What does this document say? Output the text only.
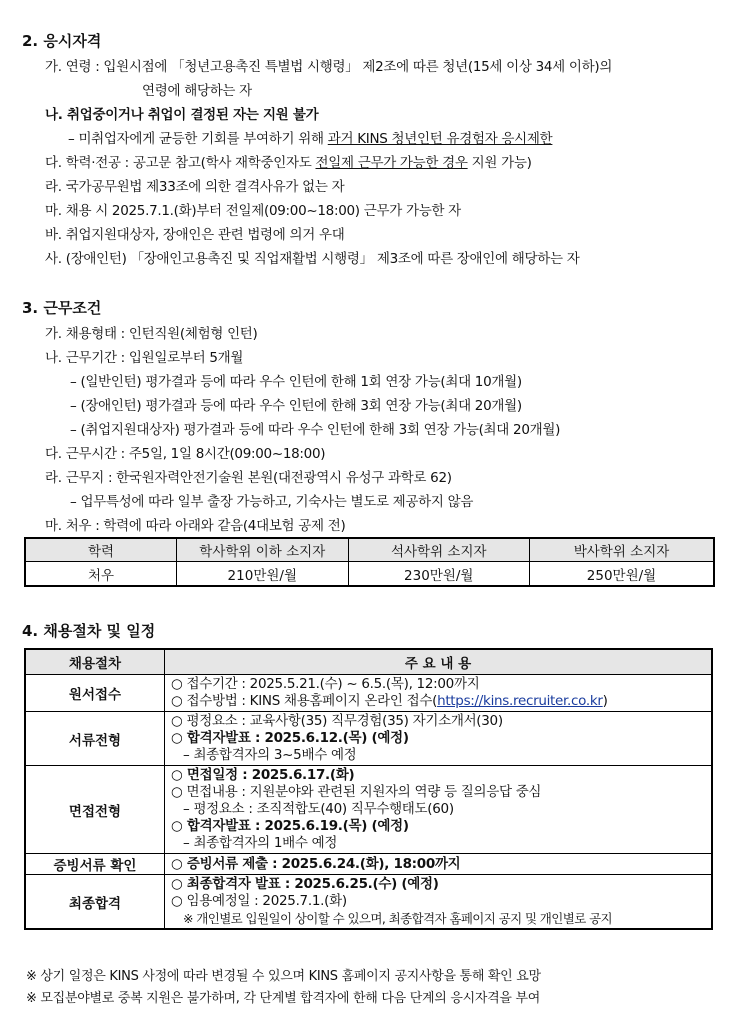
2. 응시자격
가. 연령 : 입원시점에 「청년고용촉진 특별법 시행령」 제2조에 따른 청년(15세 이상 34세 이하)의
연령에 해당하는 자
나. 취업중이거나 취업이 결정된 자는 지원 불가
– 미취업자에게 균등한 기회를 부여하기 위해 과거 KINS 청년인턴 유경험자 응시제한
다. 학력·전공 : 공고문 참고(학사 재학중인자도 전일제 근무가 가능한 경우 지원 가능)
라. 국가공무원법 제33조에 의한 결격사유가 없는 자
마. 채용 시 2025.7.1.(화)부터 전일제(09:00~18:00) 근무가 가능한 자
바. 취업지원대상자, 장애인은 관련 법령에 의거 우대
사. (장애인턴) 「장애인고용촉진 및 직업재활법 시행령」 제3조에 따른 장애인에 해당하는 자
3. 근무조건
가. 채용형태 : 인턴직원(체험형 인턴)
나. 근무기간 : 입원일로부터 5개월
– (일반인턴) 평가결과 등에 따라 우수 인턴에 한해 1회 연장 가능(최대 10개월)
– (장애인턴) 평가결과 등에 따라 우수 인턴에 한해 3회 연장 가능(최대 20개월)
– (취업지원대상자) 평가결과 등에 따라 우수 인턴에 한해 3회 연장 가능(최대 20개월)
다. 근무시간 : 주5일, 1일 8시간(09:00~18:00)
라. 근무지 : 한국원자력안전기술원 본원(대전광역시 유성구 과학로 62)
– 업무특성에 따라 일부 출장 가능하고, 기숙사는 별도로 제공하지 않음
마. 처우 : 학력에 따라 아래와 같음(4대보험 공제 전)
학력	학사학위 이하 소지자	석사학위 소지자	박사학위 소지자
처우	210만원/월	230만원/월	250만원/월
4. 채용절차 및 일정
채용절차	주 요 내 용
원서접수	○ 접수기간 : 2025.5.21.(수) ~ 6.5.(목), 12:00까지
○ 접수방법 : KINS 채용홈페이지 온라인 접수(https://kins.recruiter.co.kr)

서류전형	○ 평정요소 : 교육사항(35) 직무경험(35) 자기소개서(30)
○ 합격자발표 : 2025.6.12.(목) (예정)
– 최종합격자의 3~5배수 예정

면접전형	○ 면접일정 : 2025.6.17.(화)
○ 면접내용 : 지원분야와 관련된 지원자의 역량 등 질의응답 중심
– 평정요소 : 조직적합도(40) 직무수행태도(60)
○ 합격자발표 : 2025.6.19.(목) (예정)
– 최종합격자의 1배수 예정

증빙서류 확인	○ 증빙서류 제출 : 2025.6.24.(화), 18:00까지

최종합격	○ 최종합격자 발표 : 2025.6.25.(수) (예정)
○ 임용예정일 : 2025.7.1.(화)
※ 개인별로 입원일이 상이할 수 있으며, 최종합격자 홈페이지 공지 및 개인별로 공지
※ 상기 일정은 KINS 사정에 따라 변경될 수 있으며 KINS 홈페이지 공지사항을 통해 확인 요망
※ 모집분야별로 중복 지원은 불가하며, 각 단계별 합격자에 한해 다음 단계의 응시자격을 부여
